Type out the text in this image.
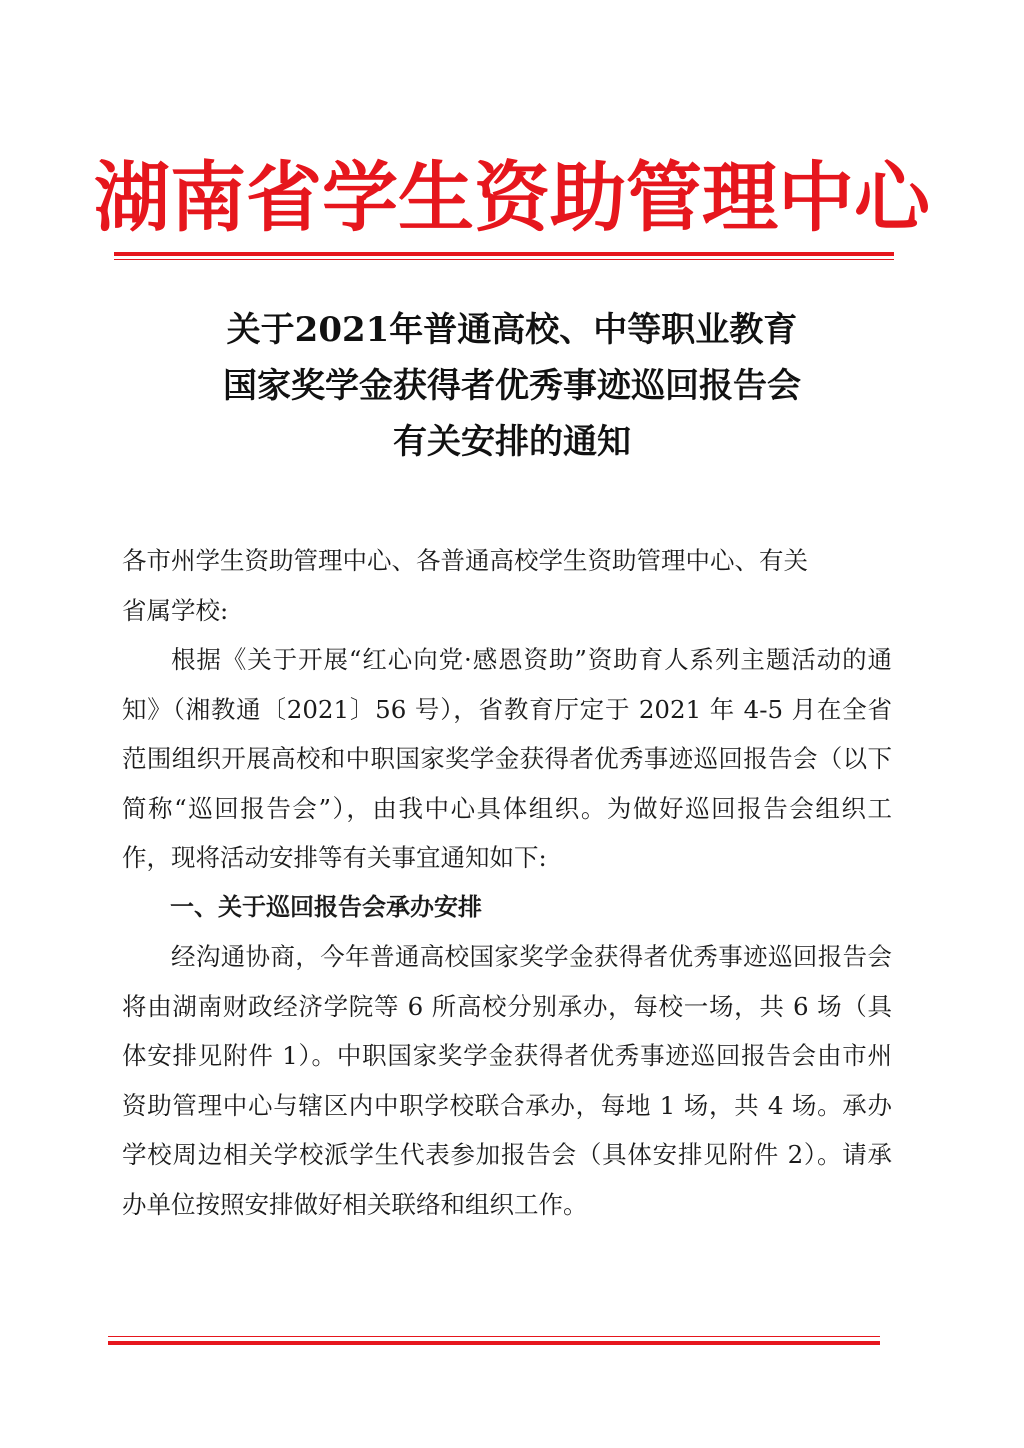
湖南省学生资助管理中心
关于2021年普通高校、中等职业教育
国家奖学金获得者优秀事迹巡回报告会
有关安排的通知

各市州学生资助管理中心、各普通高校学生资助管理中心、有关

省属学校:

根据《关于开展“红心向党·感恩资助”资助育人系列主题活动的通知》（湘教通〔2021〕56 号），省教育厅定于 2021 年 4-5 月在全省范围组织开展高校和中职国家奖学金获得者优秀事迹巡回报告会（以下简称“巡回报告会”），由我中心具体组织。为做好巡回报告会组织工作，现将活动安排等有关事宜通知如下:

一、关于巡回报告会承办安排

经沟通协商，今年普通高校国家奖学金获得者优秀事迹巡回报告会将由湖南财政经济学院等 6 所高校分别承办，每校一场，共 6 场（具体安排见附件 1）。中职国家奖学金获得者优秀事迹巡回报告会由市州资助管理中心与辖区内中职学校联合承办，每地 1 场，共 4 场。承办学校周边相关学校派学生代表参加报告会（具体安排见附件 2）。请承办单位按照安排做好相关联络和组织工作。
